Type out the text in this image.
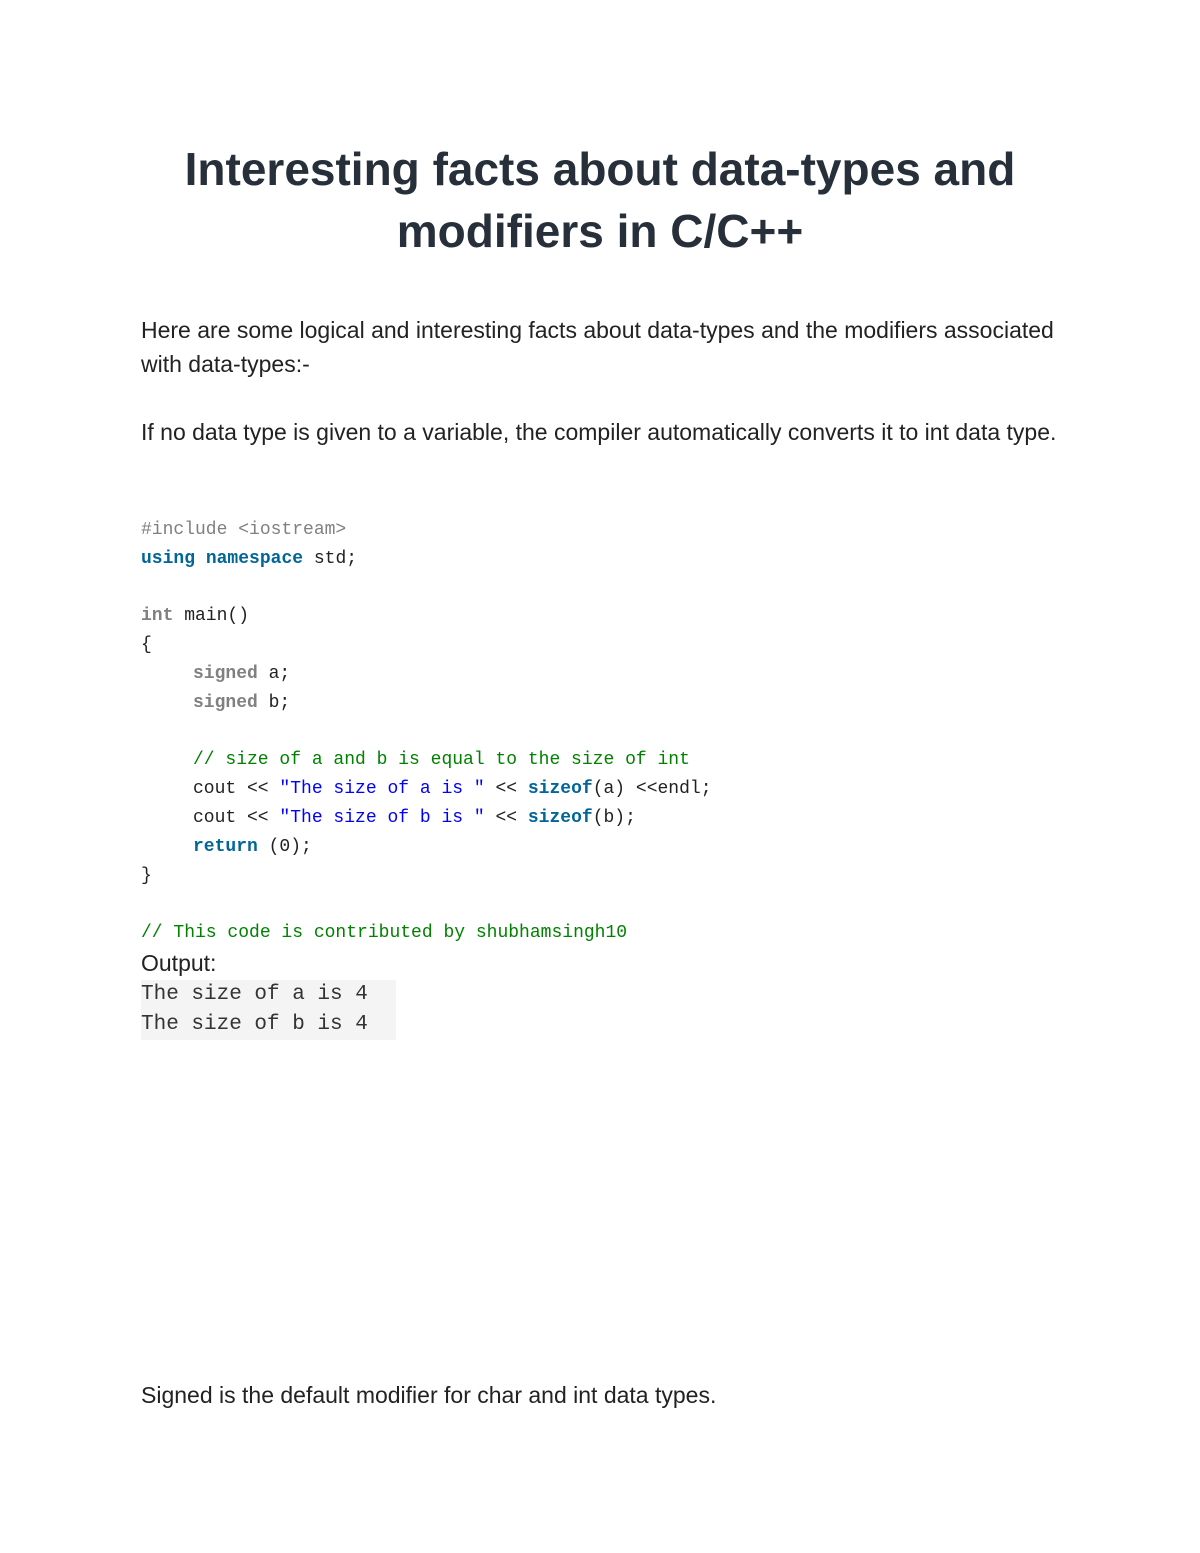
Interesting facts about data-types and modifiers in C/C++

Here are some logical and interesting facts about data-types and the modifiers associated with data-types:-

If no data type is given to a variable, the compiler automatically converts it to int data type.

#include <iostream>
using namespace std;

int main()
{
signed a;
signed b;

// size of a and b is equal to the size of int
cout << "The size of a is " << sizeof(a) <<endl;
cout << "The size of b is " << sizeof(b);
return (0);
}

// This code is contributed by shubhamsingh10

Output:

The size of a is 4
The size of b is 4

Signed is the default modifier for char and int data types.
